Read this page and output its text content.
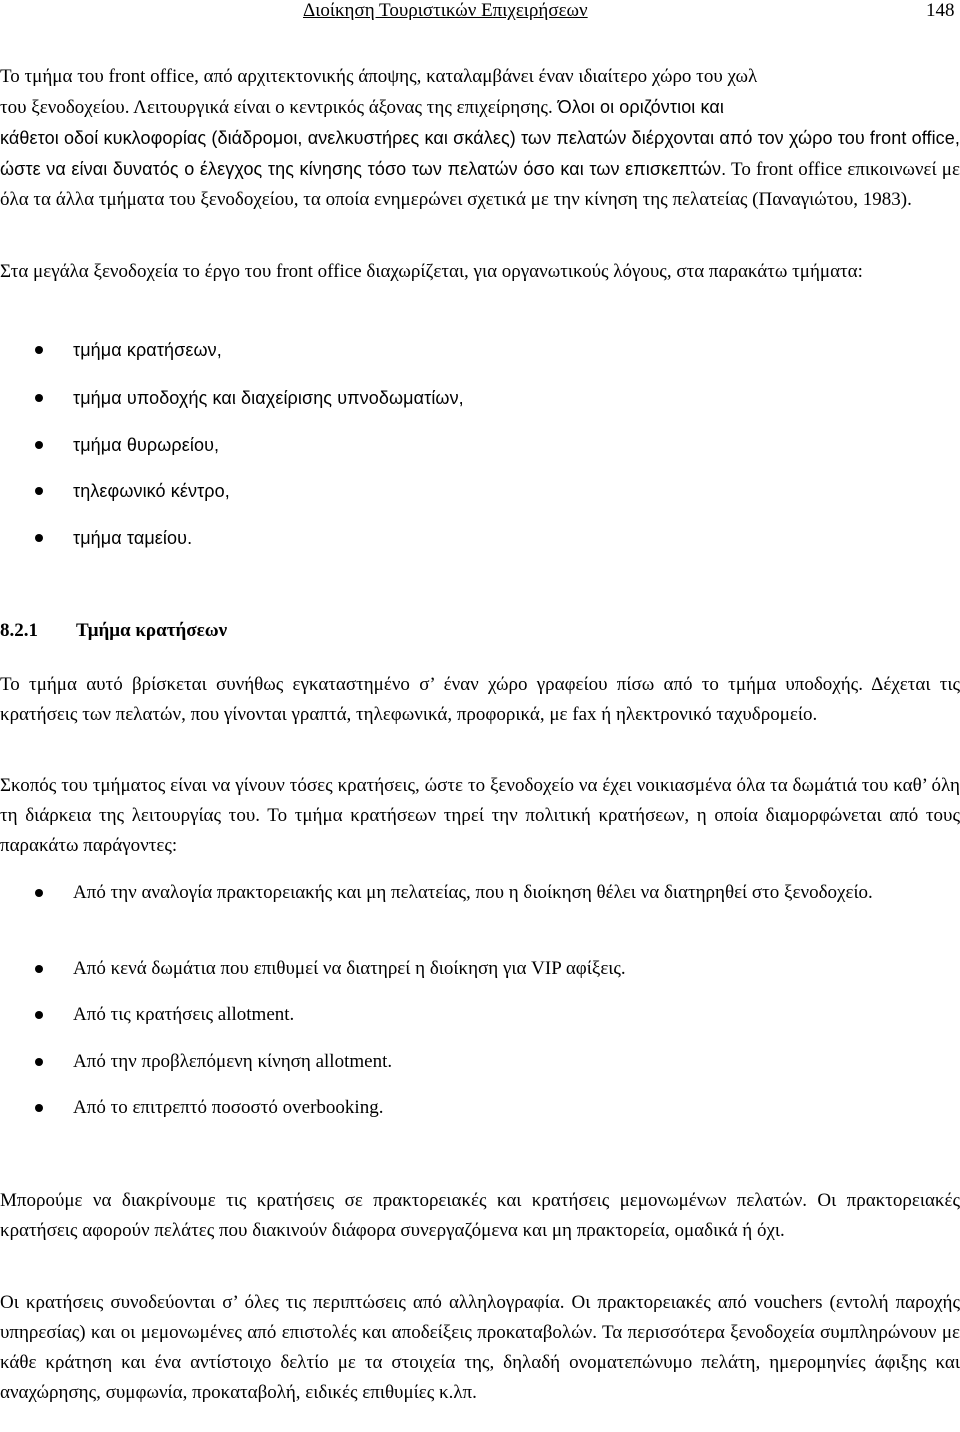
Διοίκηση Τουριστικών Επιχειρήσεων	148
Το τμήμα του front office, από αρχιτεκτονικής άποψης, καταλαμβάνει έναν ιδιαίτερο χώρο του χωλ
του ξενοδοχείου. Λειτουργικά είναι ο κεντρικός άξονας της επιχείρησης. Όλοι οι οριζόντιοι και
κάθετοι οδοί κυκλοφορίας (διάδρομοι, ανελκυστήρες και σκάλες) των πελατών διέρχονται από τον χώρο του front office, ώστε να είναι δυνατός ο έλεγχος της κίνησης τόσο των πελατών όσο και των επισκεπτών. Το front office επικοινωνεί με όλα τα άλλα τμήματα του ξενοδοχείου, τα οποία ενημερώνει σχετικά με την κίνηση της πελατείας (Παναγιώτου, 1983).

Στα μεγάλα ξενοδοχεία το έργο του front office διαχωρίζεται, για οργανωτικούς λόγους, στα παρακάτω τμήματα:

τμήμα κρατήσεων,
τμήμα υποδοχής και διαχείρισης υπνοδωματίων,
τμήμα θυρωρείου,
τηλεφωνικό κέντρο,
τμήμα ταμείου.
8.2.1 Τμήμα κρατήσεων
Το τμήμα αυτό βρίσκεται συνήθως εγκαταστημένο σ’ έναν χώρο γραφείου πίσω από το τμήμα υποδοχής. Δέχεται τις κρατήσεις των πελατών, που γίνονται γραπτά, τηλεφωνικά, προφορικά, με fax ή ηλεκτρονικό ταχυδρομείο.

Σκοπός του τμήματος είναι να γίνουν τόσες κρατήσεις, ώστε το ξενοδοχείο να έχει νοικιασμένα όλα τα δωμάτιά του καθ’ όλη τη διάρκεια της λειτουργίας του. Το τμήμα κρατήσεων τηρεί την πολιτική κρατήσεων, η οποία διαμορφώνεται από τους παρακάτω παράγοντες:

Από την αναλογία πρακτορειακής και μη πελατείας, που η διοίκηση θέλει να διατηρηθεί στο ξενοδοχείο.
Από κενά δωμάτια που επιθυμεί να διατηρεί η διοίκηση για VIP αφίξεις.
Από τις κρατήσεις allotment.
Από την προβλεπόμενη κίνηση allotment.
Από το επιτρεπτό ποσοστό overbooking.

Μπορούμε να διακρίνουμε τις κρατήσεις σε πρακτορειακές και κρατήσεις μεμονωμένων πελατών. Οι πρακτορειακές κρατήσεις αφορούν πελάτες που διακινούν διάφορα συνεργαζόμενα και μη πρακτορεία, ομαδικά ή όχι.

Οι κρατήσεις συνοδεύονται σ’ όλες τις περιπτώσεις από αλληλογραφία. Οι πρακτορειακές από vouchers (εντολή παροχής υπηρεσίας) και οι μεμονωμένες από επιστολές και αποδείξεις προκαταβολών. Τα περισσότερα ξενοδοχεία συμπληρώνουν με κάθε κράτηση και ένα αντίστοιχο δελτίο με τα στοιχεία της, δηλαδή ονοματεπώνυμο πελάτη, ημερομηνίες άφιξης και αναχώρησης, συμφωνία, προκαταβολή, ειδικές επιθυμίες κ.λπ.
